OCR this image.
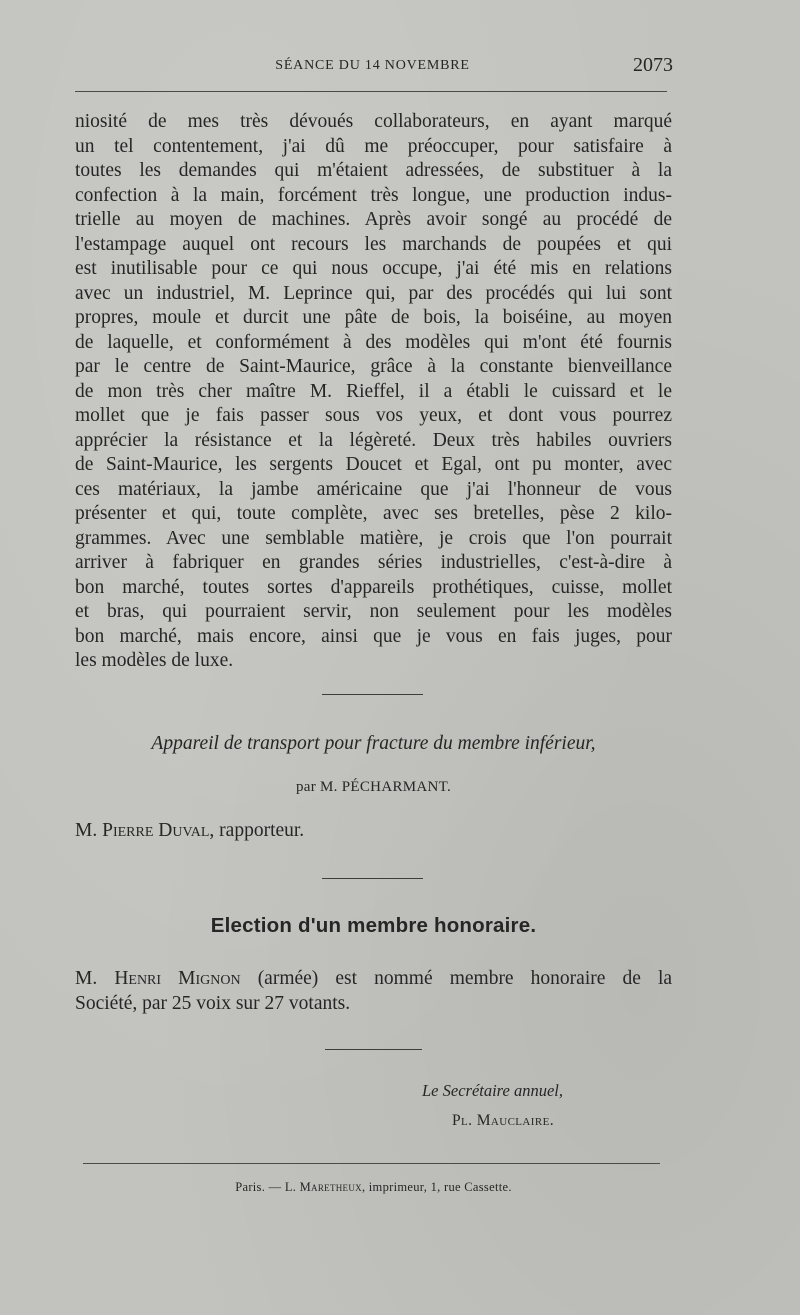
SÉANCE DU 14 NOVEMBRE	2073
niosité de mes très dévoués collaborateurs, en ayant marqué
un tel contentement, j'ai dû me préoccuper, pour satisfaire à
toutes les demandes qui m'étaient adressées, de substituer à la
confection à la main, forcément très longue, une production indus-
trielle au moyen de machines. Après avoir songé au procédé de
l'estampage auquel ont recours les marchands de poupées et qui
est inutilisable pour ce qui nous occupe, j'ai été mis en relations
avec un industriel, M. Leprince qui, par des procédés qui lui sont
propres, moule et durcit une pâte de bois, la boiséine, au moyen
de laquelle, et conformément à des modèles qui m'ont été fournis
par le centre de Saint-Maurice, grâce à la constante bienveillance
de mon très cher maître M. Rieffel, il a établi le cuissard et le
mollet que je fais passer sous vos yeux, et dont vous pourrez
apprécier la résistance et la légèreté. Deux très habiles ouvriers
de Saint-Maurice, les sergents Doucet et Egal, ont pu monter, avec
ces matériaux, la jambe américaine que j'ai l'honneur de vous
présenter et qui, toute complète, avec ses bretelles, pèse 2 kilo-
grammes. Avec une semblable matière, je crois que l'on pourrait
arriver à fabriquer en grandes séries industrielles, c'est-à-dire à
bon marché, toutes sortes d'appareils prothétiques, cuisse, mollet
et bras, qui pourraient servir, non seulement pour les modèles
bon marché, mais encore, ainsi que je vous en fais juges, pour
les modèles de luxe.
Appareil de transport pour fracture du membre inférieur,
par M. PÉCHARMANT.
M. Pierre Duval, rapporteur.
Election d'un membre honoraire.
M. Henri Mignon (armée) est nommé membre honoraire de la
Société, par 25 voix sur 27 votants.
Le Secrétaire annuel,
Pl. Mauclaire.
Paris. — L. Maretheux, imprimeur, 1, rue Cassette.
